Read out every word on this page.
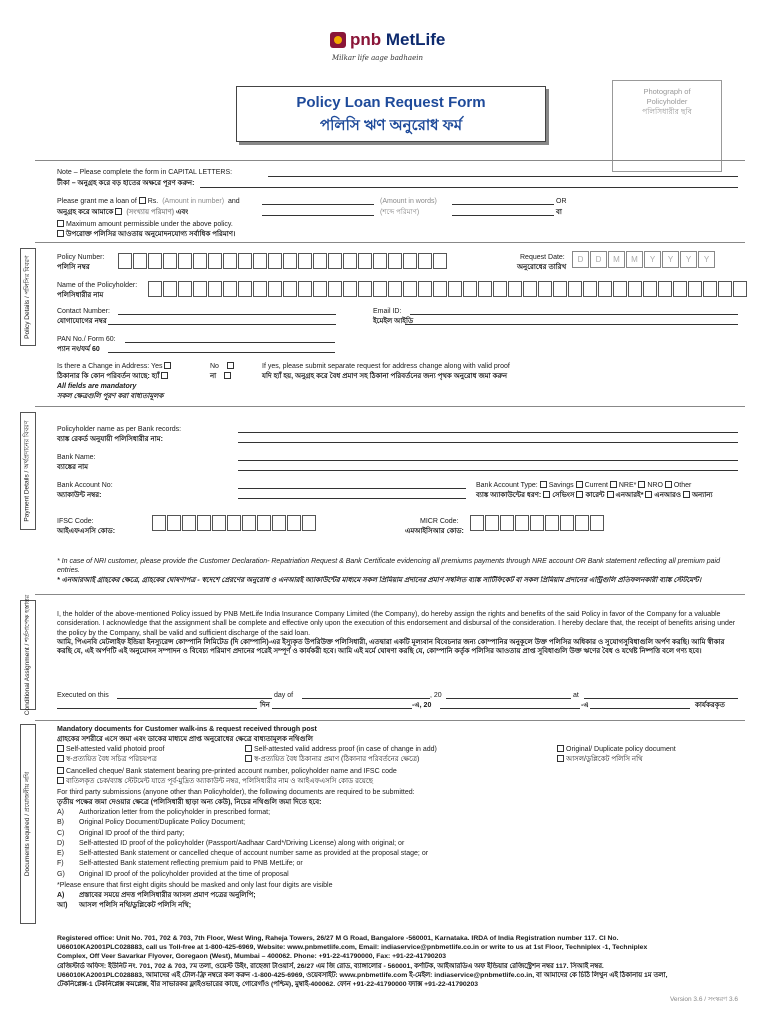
pnb MetLife
Milkar life aage badhaein
Photograph of
Policyholder
পলিসিধারীর ছবি
Policy Loan Request Form
পলিসি ঋণ অনুরোধ ফর্ম
Note – Please complete the form in CAPITAL LETTERS:
টীকা – অনুগ্রহ করে বড় হাতের অক্ষরে পূরণ করুন:
Please grant me a loan of Rs. (Amount in number) and	(Amount in words)	OR
অনুগ্রহ করে আমাকে (সংখ্যায় পরিমাণ) এবং	(শব্দে পরিমাণ)	বা
Maximum amount permissible under the above policy.
উপরোক্ত পলিসির আওতায় অনুমোদনযোগ্য সর্বাধিক পরিমাণ।
Policy Details / পলিসির বিবরণ	Policy Number:
পলিসি নম্বর
Request Date:
অনুরোধের তারিখ
D	D	M	M	Y	Y	Y	Y
Name of the Policyholder:
পলিসিধারীর নাম
Contact Number:
যোগাযোগের নম্বর
Email ID:
ইমেইল আইডি
PAN No./ Form 60:
প্যান নং/ফর্ম 60
Is there a Change in Address: Yes	No
ঠিকানার কি কোন পরিবর্তন আছে: হ্যাঁ	না
If yes, please submit separate request for address change along with valid proof
যদি হ্যাঁ হয়, অনুগ্রহ করে বৈধ প্রমাণ সহ ঠিকানা পরিবর্তনের জন্য পৃথক অনুরোধ জমা করুন
All fields are mandatory
সকল ক্ষেত্রগুলি পূরণ করা বাধ্যতামূলক
Payment Details / অর্থপ্রদানের বিবরণ	Policyholder name as per Bank records:
ব্যাঙ্ক রেকর্ড অনুযায়ী পলিসিধারীর নাম:
Bank Name:
ব্যাঙ্কের নাম
Bank Account No:
অ্যাকাউন্ট নম্বর:
Bank Account Type: Savings Current NRE* NRO Other
ব্যাঙ্ক অ্যাকাউন্টের ধরণ: সেভিংস কারেন্ট এনআরই* এনআরও অন্যান্য
IFSC Code:
আইএফএসসি কোড:
MICR Code:
এমআইসিআর কোড:
* In case of NRI customer, please provide the Customer Declaration- Repatriation Request & Bank Certificate evidencing all premiums payments through NRE account OR Bank statement reflecting all premium paid entries.
* এনআরআই গ্রাহকের ক্ষেত্রে, গ্রাহকের ঘোষণাপত্র - স্বদেশে প্রেরণের অনুরোধ ও এনআরই অ্যাকাউন্টের মাধ্যমে সকল প্রিমিয়াম প্রদানের প্রমাণ সম্বলিত ব্যাঙ্ক সার্টিফিকেট বা সকল প্রিমিয়াম প্রদানের এন্ট্রিগুলি প্রতিফলনকারী ব্যাঙ্ক স্টেটমেন্ট।
Conditional Assignment / শর্তসাপেক্ষ হস্তান্তর	I, the holder of the above-mentioned Policy issued by PNB MetLife India Insurance Company Limited (the Company), do hereby assign the rights and benefits of the said Policy in favor of the Company for a valuable consideration. I acknowledge that the assignment shall be complete and effective only upon the execution of this endorsement and disbursal of the consideration. I hereby declare that, the receipt of benefits arising under the policy by the Company, shall be valid and sufficient discharge of the said loan.
আমি, পিএনবি মেটলাইফ ইন্ডিয়া ইনস্যুরেন্স কোম্পানি লিমিটেড (দি কোম্পানি)-এর ইস্যুকৃত উপরিউক্ত পলিসিধারী, এতদ্বারা একটি মূল্যবান বিবেচনার জন্য কোম্পানির অনুকূলে উক্ত পলিসির অধিকার ও সুযোগসুবিধাগুলি অর্পণ করছি। আমি স্বীকার করছি যে, এই অর্পণটি এই অনুমোদন সম্পাদন ও বিবেচ্য পরিমাণ প্রদানের পরেই সম্পূর্ণ ও কার্যকরী হবে। আমি এই মর্মে ঘোষণা করছি যে, কোম্পানি কর্তৃক পলিসির আওতায় প্রাপ্ত সুবিধাগুলি উক্ত ঋণের বৈধ ও যথেষ্ট নিষ্পত্তি বলে গণ্য হবে।
Executed on this	day of	, 20	at
দিন	-এ, 20	-এ	কার্যকরকৃত
Documents required / প্রয়োজনীয় নথি
Mandatory documents for Customer walk-ins & request received through post
গ্রাহকের সশরীরে এসে জমা এবং ডাকের মাধ্যমে প্রাপ্ত অনুরোধের ক্ষেত্রে বাধ্যতামূলক নথিগুলি
Self-attested valid photoid proof
স্ব-প্রত্যয়িত বৈধ সচিত্র পরিচয়পত্র
Self-attested valid address proof (in case of change in add)
স্ব-প্রত্যয়িত বৈধ ঠিকানার প্রমাণ (ঠিকানার পরিবর্তনের ক্ষেত্রে)
Original/ Duplicate policy document
আসল/ডুপ্লিকেট পলিসি নথি
Cancelled cheque/ Bank statement bearing pre-printed account number, policyholder name and IFSC code
বাতিলকৃত চেক/ব্যাঙ্ক স্টেটমেন্ট যাতে পূর্ব-মুদ্রিত অ্যাকাউন্ট নম্বর, পলিসিধারীর নাম ও আইএফএসসি কোড রয়েছে
For third party submissions (anyone other than Policyholder), the following documents are required to be submitted:
তৃতীয় পক্ষের জমা দেওয়ার ক্ষেত্রে (পলিসিধারী ছাড়া অন্য কেউ), নিচের নথিগুলি জমা দিতে হবে:
A)	Authorization letter from the policyholder in prescribed format;
B)	Original Policy Document/Duplicate Policy Document;
C)	Original ID proof of the third party;
D)	Self-attested ID proof of the policyholder (Passport/Aadhaar Card*/Driving License) along with original; or
E)	Self-attested Bank statement or cancelled cheque of account number same as provided at the proposal stage; or
F)	Self-attested Bank statement reflecting premium paid to PNB MetLife; or
G)	Original ID proof of the policyholder provided at the time of proposal
*Please ensure that first eight digits should be masked and only last four digits are visible
A)	প্রস্তাবের সময়ে প্রদত্ত পলিসিধারীর আসল প্রমাণ পত্রের অনুলিপি;
আ)	আসল পলিসি নথি/ডুপ্লিকেট পলিসি নথি;
Registered office: Unit No. 701, 702 & 703, 7th Floor, West Wing, Raheja Towers, 26/27 M G Road, Bangalore -560001, Karnataka. IRDA of India Registration number 117. CI No.
U66010KA2001PLC028883, call us Toll-free at 1-800-425-6969, Website: www.pnbmetlife.com, Email: indiaservice@pnbmetlife.co.in or write to us at 1st Floor, Techniplex -1, Techniplex
Complex, Off Veer Savarkar Flyover, Goregaon (West), Mumbai – 400062. Phone: +91-22-41790000, Fax: +91-22-41790203
রেজিস্টার্ড অফিস: ইউনিট নং. 701, 702 & 703, 7ম তলা, ওয়েস্ট উইং, রাহেজা টাওয়ার্স, 26/27 এম জি রোড, ব্যাঙ্গালোর - 560001, কর্ণাটক, আইআরডিএ অফ ইন্ডিয়ার রেজিস্ট্রেশন নম্বর 117. সিআই নম্বর.
U66010KA2001PLC028883, আমাদের এই টোল-ফ্রি নম্বরে কল করুন -1-800-425-6969, ওয়েবসাইট: www.pnbmetlife.com ই-মেইল: indiaservice@pnbmetlife.co.in, বা আমাদের কে চিঠি লিখুন এই ঠিকানায় 1ম তলা,
টেকনিপ্লেক্স-1 টেকনিপ্লেক্স কমপ্লেক্স, বীর সাভারকর ফ্লাইওভারের কাছে, গোরেগাঁও (পশ্চিম), মুম্বাই-400062. ফোন +91-22-41790000 ফ্যাক্স +91-22-41790203
Version 3.6 / সংস্করণ 3.6
